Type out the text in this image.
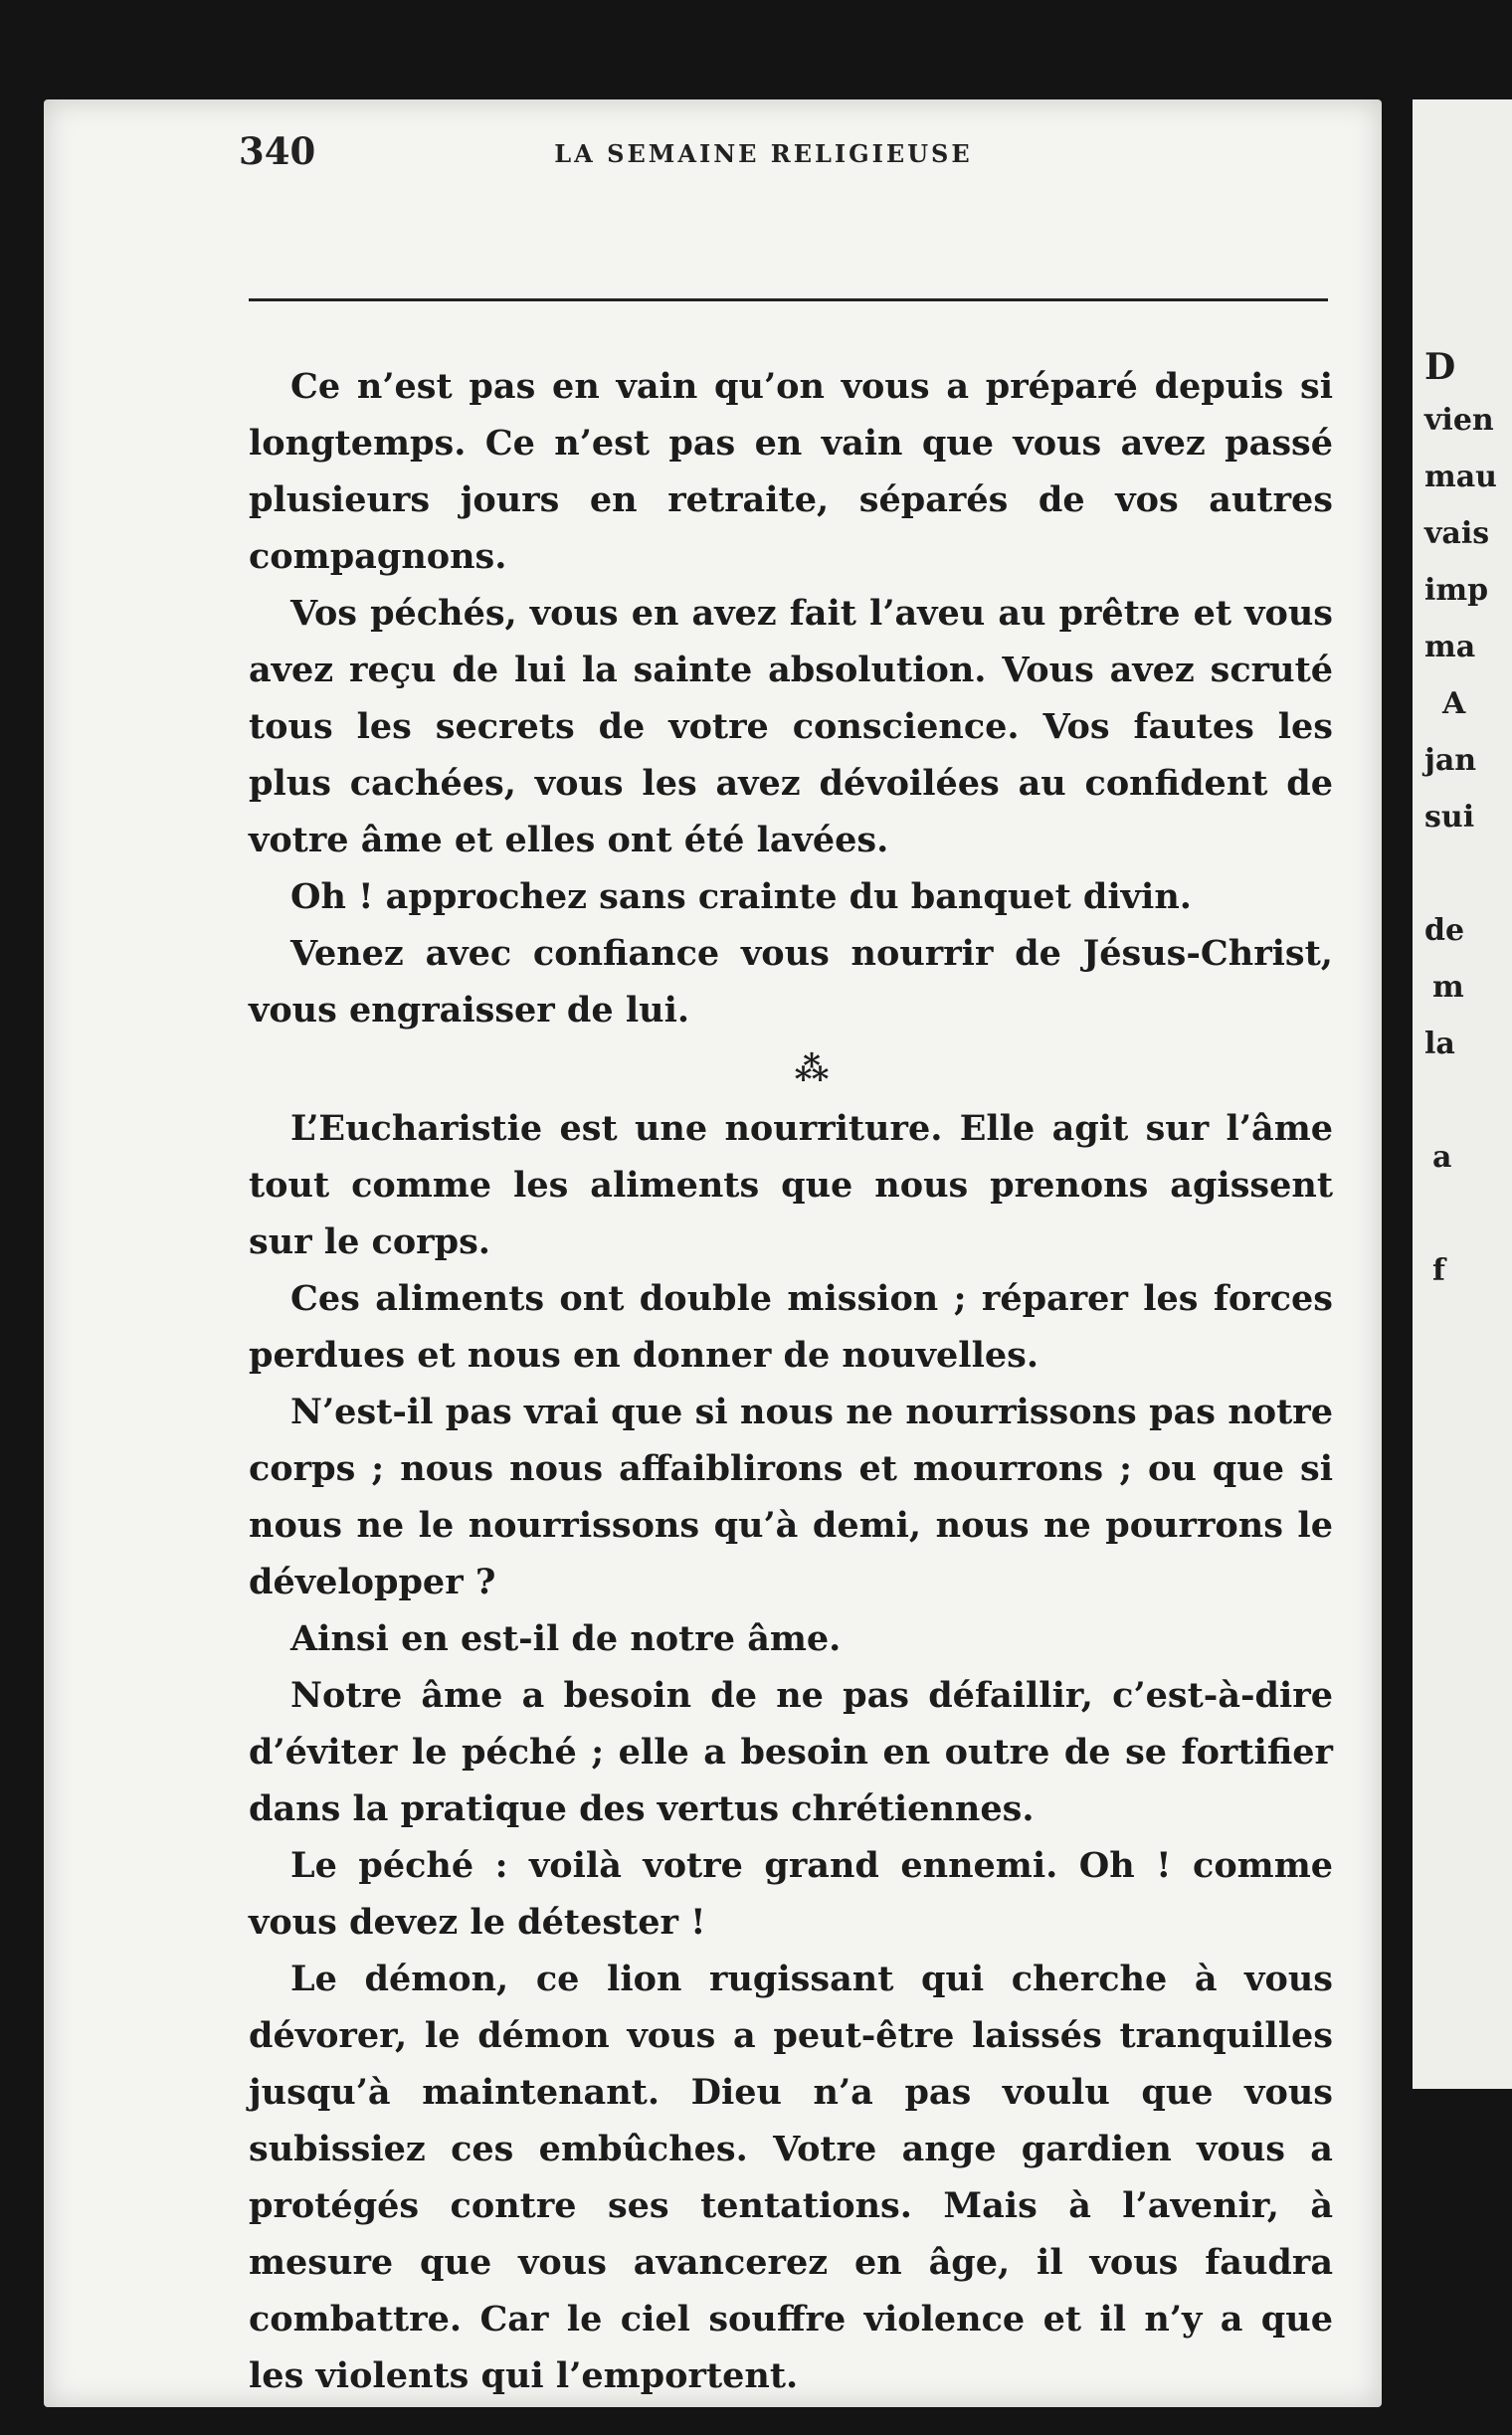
D
vien
mau
vais
imp
ma
A
jan
sui
de
m
la
a
f
340	LA SEMAINE RELIGIEUSE

Ce n’est pas en vain qu’on vous a préparé depuis si longtemps. Ce n’est pas en vain que vous avez passé plusieurs jours en retraite, séparés de vos autres compagnons.

Vos péchés, vous en avez fait l’aveu au prêtre et vous avez reçu de lui la sainte absolution. Vous avez scruté tous les secrets de votre conscience. Vos fautes les plus cachées, vous les avez dévoilées au confident de votre âme et elles ont été lavées.

Oh ! approchez sans crainte du banquet divin.

Venez avec confiance vous nourrir de Jésus-Christ, vous engraisser de lui.

⁂

L’Eucharistie est une nourriture. Elle agit sur l’âme tout comme les aliments que nous prenons agissent sur le corps.

Ces aliments ont double mission ; réparer les forces perdues et nous en donner de nouvelles.

N’est-il pas vrai que si nous ne nourrissons pas notre corps ; nous nous affaiblirons et mourrons ; ou que si nous ne le nourrissons qu’à demi, nous ne pourrons le développer ?

Ainsi en est-il de notre âme.

Notre âme a besoin de ne pas défaillir, c’est-à-dire d’éviter le péché ; elle a besoin en outre de se fortifier dans la pratique des vertus chrétiennes.

Le péché : voilà votre grand ennemi. Oh ! comme vous devez le détester !

Le démon, ce lion rugissant qui cherche à vous dévorer, le démon vous a peut-être laissés tranquilles jusqu’à maintenant. Dieu n’a pas voulu que vous subissiez ces embûches. Votre ange gardien vous a protégés contre ses tentations. Mais à l’avenir, à mesure que vous avancerez en âge, il vous faudra combattre. Car le ciel souffre violence et il n’y a que les violents qui l’emportent.
